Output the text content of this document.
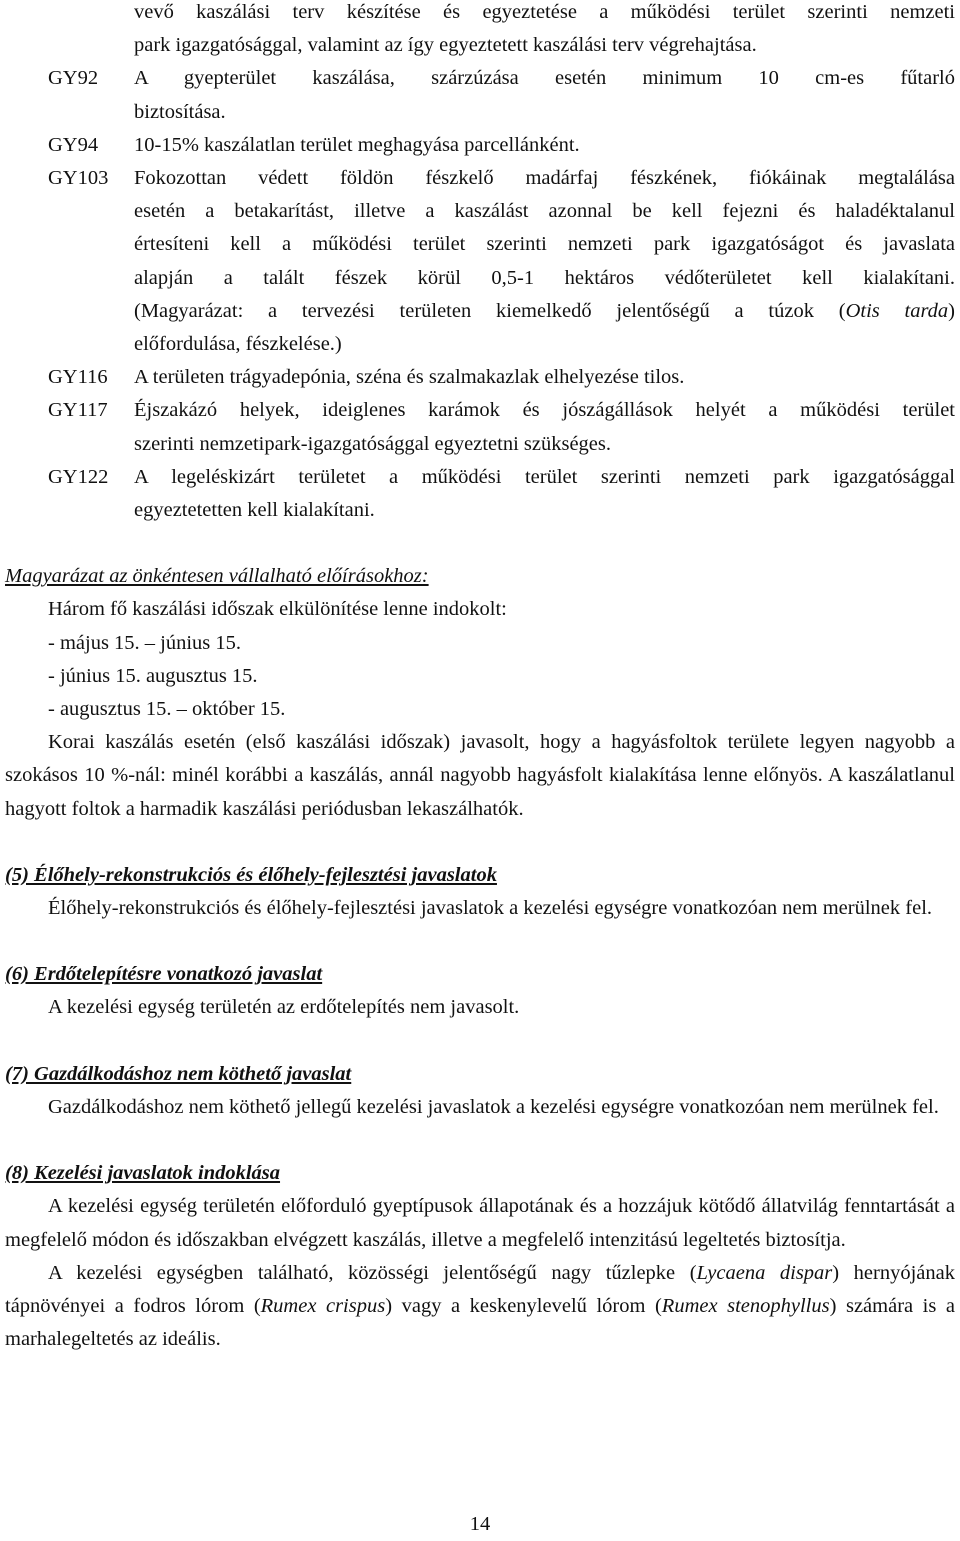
vevő kaszálási terv készítése és egyeztetése a működési terület szerinti nemzeti
park igazgatósággal, valamint az így egyeztetett kaszálási terv végrehajtása.
GY92	A gyepterület kaszálása, szárzúzása esetén minimum 10 cm-es fűtarló
biztosítása.
GY94	10-15% kaszálatlan terület meghagyása parcellánként.
GY103	Fokozottan védett földön fészkelő madárfaj fészkének, fiókáinak megtalálása
esetén a betakarítást, illetve a kaszálást azonnal be kell fejezni és haladéktalanul
értesíteni kell a működési terület szerinti nemzeti park igazgatóságot és javaslata
alapján a talált fészek körül 0,5-1 hektáros védőterületet kell kialakítani.
(Magyarázat: a tervezési területen kiemelkedő jelentőségű a túzok (Otis tarda)
előfordulása, fészkelése.)
GY116	A területen trágyadepónia, széna és szalmakazlak elhelyezése tilos.
GY117	Éjszakázó helyek, ideiglenes karámok és jószágállások helyét a működési terület
szerinti nemzetipark-igazgatósággal egyeztetni szükséges.
GY122	A legeléskizárt területet a működési terület szerinti nemzeti park igazgatósággal
egyeztetetten kell kialakítani.
Magyarázat az önkéntesen vállalható előírásokhoz:
Három fő kaszálási időszak elkülönítése lenne indokolt:
- május 15. – június 15.
- június 15. augusztus 15.
- augusztus 15. – október 15.
Korai kaszálás esetén (első kaszálási időszak) javasolt, hogy a hagyásfoltok területe legyen nagyobb a szokásos 10 %-nál: minél korábbi a kaszálás, annál nagyobb hagyásfolt kialakítása lenne előnyös. A kaszálatlanul hagyott foltok a harmadik kaszálási periódusban lekaszálhatók.
(5) Élőhely-rekonstrukciós és élőhely-fejlesztési javaslatok
Élőhely-rekonstrukciós és élőhely-fejlesztési javaslatok a kezelési egységre vonatkozóan nem merülnek fel.
(6) Erdőtelepítésre vonatkozó javaslat
A kezelési egység területén az erdőtelepítés nem javasolt.
(7) Gazdálkodáshoz nem köthető javaslat
Gazdálkodáshoz nem köthető jellegű kezelési javaslatok a kezelési egységre vonatkozóan nem merülnek fel.
(8) Kezelési javaslatok indoklása
A kezelési egység területén előforduló gyeptípusok állapotának és a hozzájuk kötődő állatvilág fenntartását a megfelelő módon és időszakban elvégzett kaszálás, illetve a megfelelő intenzitású legeltetés biztosítja.
A kezelési egységben található, közösségi jelentőségű nagy tűzlepke (Lycaena dispar) hernyójának tápnövényei a fodros lórom (Rumex crispus) vagy a keskenylevelű lórom (Rumex stenophyllus) számára is a marhalegeltetés az ideális.
14
